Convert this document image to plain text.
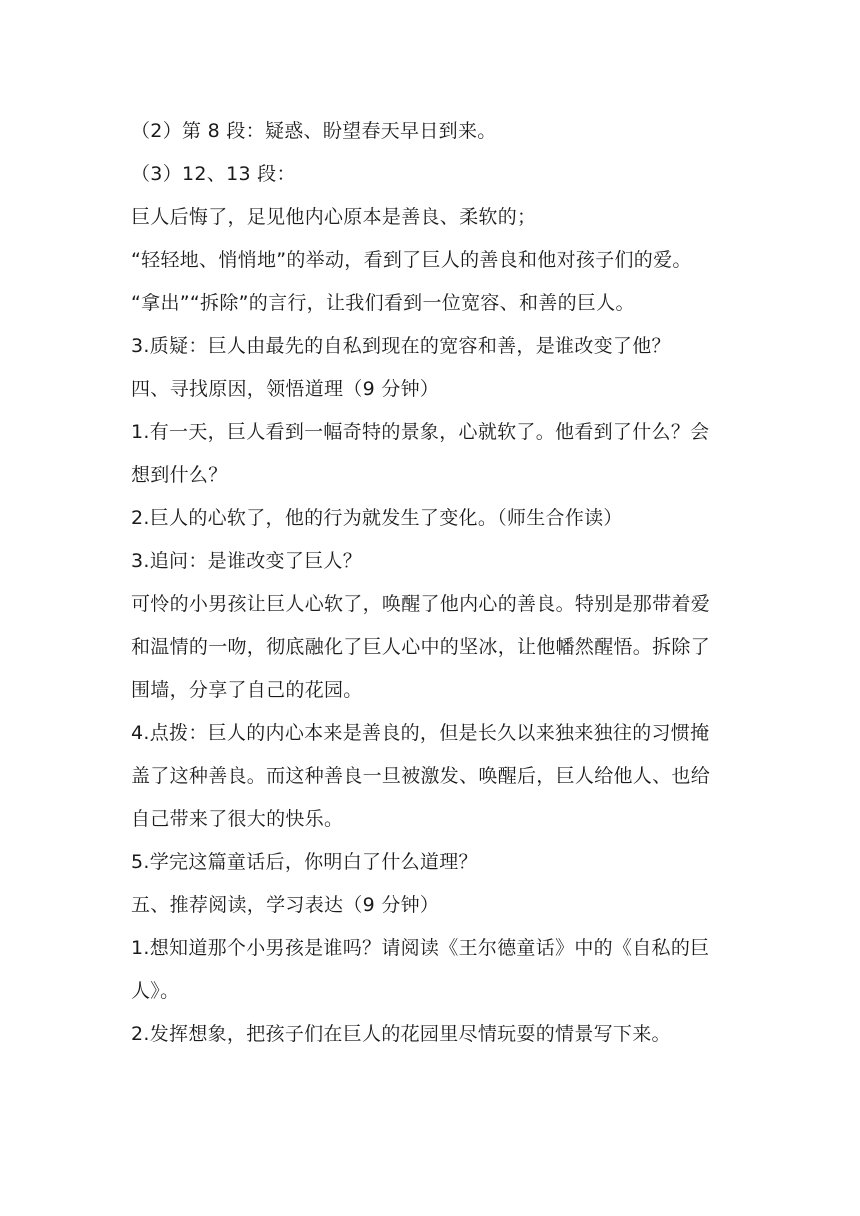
（2）第 8 段：疑惑、盼望春天早日到来。
（3）12、13 段：
巨人后悔了，足见他内心原本是善良、柔软的；
“轻轻地、悄悄地”的举动，看到了巨人的善良和他对孩子们的爱。
“拿出”“拆除”的言行，让我们看到一位宽容、和善的巨人。
3.质疑：巨人由最先的自私到现在的宽容和善，是谁改变了他？
四、寻找原因，领悟道理（9 分钟）
1.有一天，巨人看到一幅奇特的景象，心就软了。他看到了什么？会
想到什么？
2.巨人的心软了，他的行为就发生了变化。（师生合作读）
3.追问：是谁改变了巨人？
可怜的小男孩让巨人心软了，唤醒了他内心的善良。特别是那带着爱
和温情的一吻，彻底融化了巨人心中的坚冰，让他幡然醒悟。拆除了
围墙，分享了自己的花园。
4.点拨：巨人的内心本来是善良的，但是长久以来独来独往的习惯掩
盖了这种善良。而这种善良一旦被激发、唤醒后，巨人给他人、也给
自己带来了很大的快乐。
5.学完这篇童话后，你明白了什么道理？
五、推荐阅读，学习表达（9 分钟）
1.想知道那个小男孩是谁吗？请阅读《王尔德童话》中的《自私的巨
人》。
2.发挥想象，把孩子们在巨人的花园里尽情玩耍的情景写下来。
